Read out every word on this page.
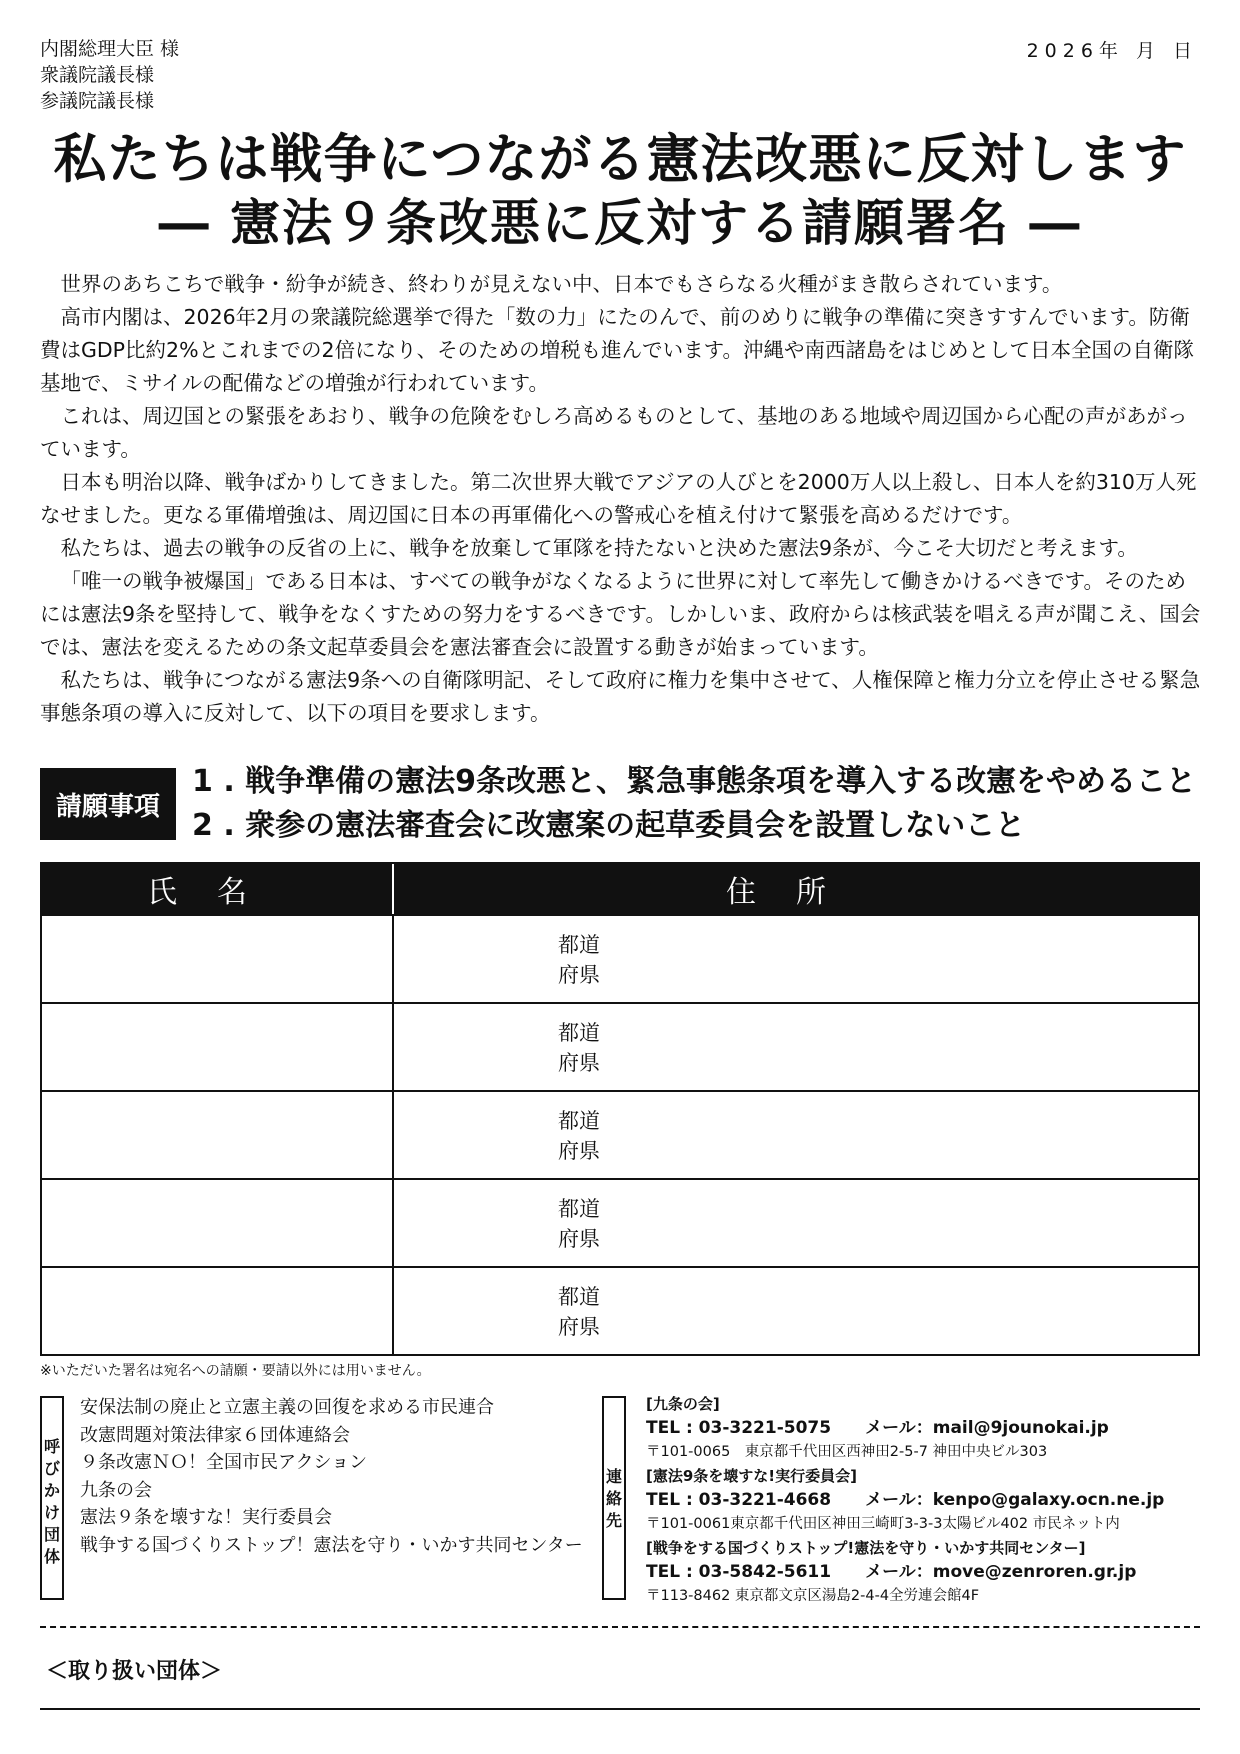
内閣総理大臣 様
衆議院議長様
参議院議長様
2026年 月 日
私たちは戦争につながる憲法改悪に反対します
― 憲法９条改悪に反対する請願署名 ―

世界のあちこちで戦争・紛争が続き、終わりが見えない中、日本でもさらなる火種がまき散らされています。

高市内閣は、2026年2月の衆議院総選挙で得た「数の力」にたのんで、前のめりに戦争の準備に突きすすんでいます。防衛費はGDP比約2%とこれまでの2倍になり、そのための増税も進んでいます。沖縄や南西諸島をはじめとして日本全国の自衛隊基地で、ミサイルの配備などの増強が行われています。

これは、周辺国との緊張をあおり、戦争の危険をむしろ高めるものとして、基地のある地域や周辺国から心配の声があがっています。

日本も明治以降、戦争ばかりしてきました。第二次世界大戦でアジアの人びとを2000万人以上殺し、日本人を約310万人死なせました。更なる軍備増強は、周辺国に日本の再軍備化への警戒心を植え付けて緊張を高めるだけです。

私たちは、過去の戦争の反省の上に、戦争を放棄して軍隊を持たないと決めた憲法9条が、今こそ大切だと考えます。

「唯一の戦争被爆国」である日本は、すべての戦争がなくなるように世界に対して率先して働きかけるべきです。そのためには憲法9条を堅持して、戦争をなくすための努力をするべきです。しかしいま、政府からは核武装を唱える声が聞こえ、国会では、憲法を変えるための条文起草委員会を憲法審査会に設置する動きが始まっています。

私たちは、戦争につながる憲法9条への自衛隊明記、そして政府に権力を集中させて、人権保障と権力分立を停止させる緊急事態条項の導入に反対して、以下の項目を要求します。

請願事項
1 . 戦争準備の憲法9条改悪と、緊急事態条項を導入する改憲をやめること
2 . 衆参の憲法審査会に改憲案の起草委員会を設置しないこと
氏名	住所
都道
府県
都道
府県
都道
府県
都道
府県
都道
府県
※いただいた署名は宛名への請願・要請以外には用いません。
呼
び
か
け
団
体
安保法制の廃止と立憲主義の回復を求める市民連合
改憲問題対策法律家６団体連絡会
９条改憲ＮＯ！全国市民アクション
九条の会
憲法９条を壊すな！実行委員会
戦争する国づくりストップ！憲法を守り・いかす共同センター
連
絡
先
[九条の会]
TEL : 03-3221-5075　　メール：mail@9jounokai.jp
〒101-0065　東京都千代田区西神田2-5-7 神田中央ビル303
[憲法9条を壊すな!実行委員会]
TEL : 03-3221-4668　　メール：kenpo@galaxy.ocn.ne.jp
〒101-0061東京都千代田区神田三崎町3-3-3太陽ビル402 市民ネット内
[戦争をする国づくりストップ!憲法を守り・いかす共同センター]
TEL : 03-5842-5611　　メール：move@zenroren.gr.jp
〒113-8462 東京都文京区湯島2-4-4全労連会館4F
＜取り扱い団体＞
